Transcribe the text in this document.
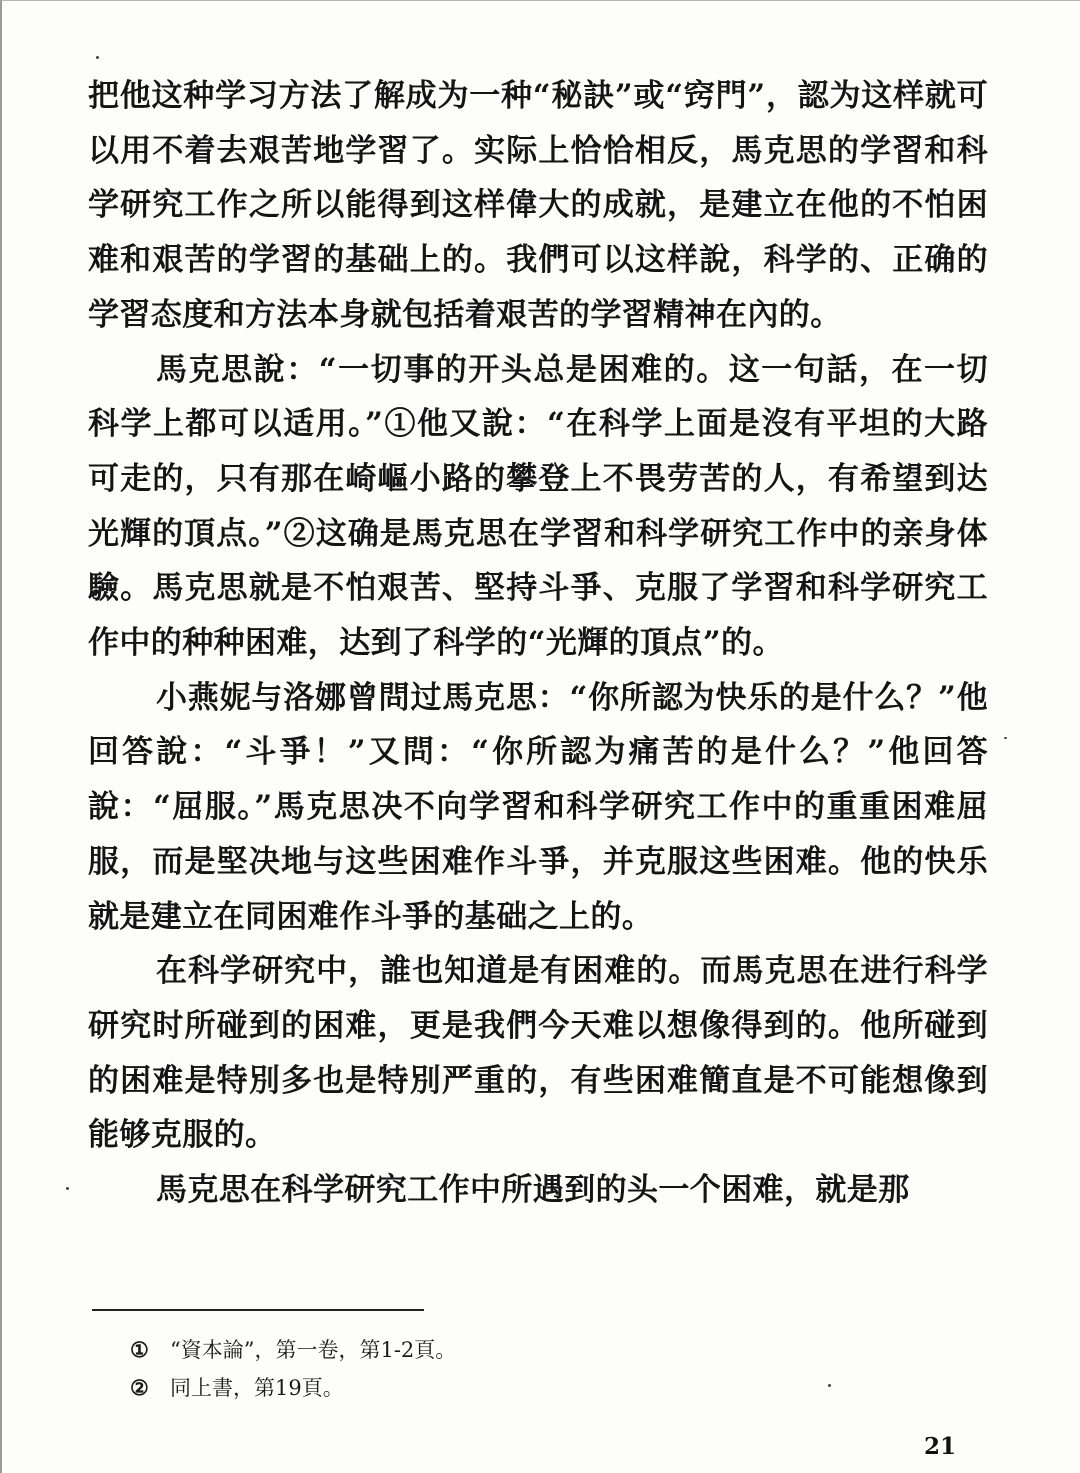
把他这种学习方法了解成为一种“秘訣”或“窍門”，認为这样就可以用不着去艰苦地学習了。实际上恰恰相反，馬克思的学習和科学研究工作之所以能得到这样偉大的成就，是建立在他的不怕困难和艰苦的学習的基础上的。我們可以这样說，科学的、正确的学習态度和方法本身就包括着艰苦的学習精神在內的。

馬克思說：“一切事的开头总是困难的。这一句話，在一切科学上都可以适用。”①他又說：“在科学上面是沒有平坦的大路可走的，只有那在崎嶇小路的攀登上不畏劳苦的人，有希望到达光輝的頂点。”②这确是馬克思在学習和科学研究工作中的亲身体驗。馬克思就是不怕艰苦、堅持斗爭、克服了学習和科学研究工作中的种种困难，达到了科学的“光輝的頂点”的。

小燕妮与洛娜曾問过馬克思：“你所認为快乐的是什么？”他回答說：“斗爭！”又問：“你所認为痛苦的是什么？”他回答說：“屈服。”馬克思决不向学習和科学研究工作中的重重困难屈服，而是堅决地与这些困难作斗爭，并克服这些困难。他的快乐就是建立在同困难作斗爭的基础之上的。

在科学研究中，誰也知道是有困难的。而馬克思在进行科学研究时所碰到的困难，更是我們今天难以想像得到的。他所碰到的困难是特別多也是特別严重的，有些困难簡直是不可能想像到能够克服的。

馬克思在科学研究工作中所遇到的头一个困难，就是那

① “資本論”，第一卷，第1-2頁。
② 同上書，第19頁。
21
